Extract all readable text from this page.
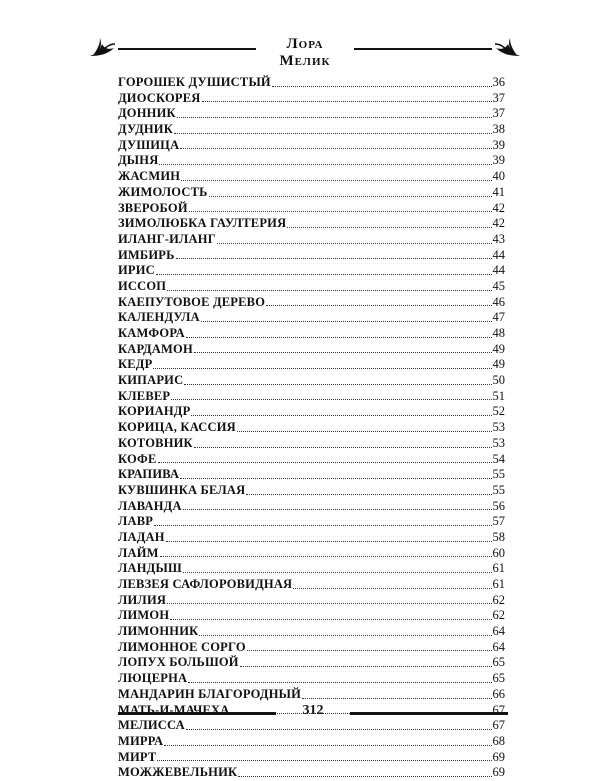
Лора Мелик
ГОРОШЕК ДУШИСТЫЙ	36
ДИОСКОРЕЯ	37
ДОННИК	37
ДУДНИК	38
ДУШИЦА	39
ДЫНЯ	39
ЖАСМИН	40
ЖИМОЛОСТЬ	41
ЗВЕРОБОЙ	42
ЗИМОЛЮБКА ГАУЛТЕРИЯ	42
ИЛАНГ-ИЛАНГ	43
ИМБИРЬ	44
ИРИС	44
ИССОП	45
КАЕПУТОВОЕ ДЕРЕВО	46
КАЛЕНДУЛА	47
КАМФОРА	48
КАРДАМОН	49
КЕДР	49
КИПАРИС	50
КЛЕВЕР	51
КОРИАНДР	52
КОРИЦА, КАССИЯ	53
КОТОВНИК	53
КОФЕ	54
КРАПИВА	55
КУВШИНКА БЕЛАЯ	55
ЛАВАНДА	56
ЛАВР	57
ЛАДАН	58
ЛАЙМ	60
ЛАНДЫШ	61
ЛЕВЗЕЯ САФЛОРОВИДНАЯ	61
ЛИЛИЯ	62
ЛИМОН	62
ЛИМОННИК	64
ЛИМОННОЕ СОРГО	64
ЛОПУХ БОЛЬШОЙ	65
ЛЮЦЕРНА	65
МАНДАРИН БЛАГОРОДНЫЙ	66
МАТЬ-И-МАЧЕХА	67
МЕЛИССА	67
МИРРА	68
МИРТ	69
МОЖЖЕВЕЛЬНИК	69
312
